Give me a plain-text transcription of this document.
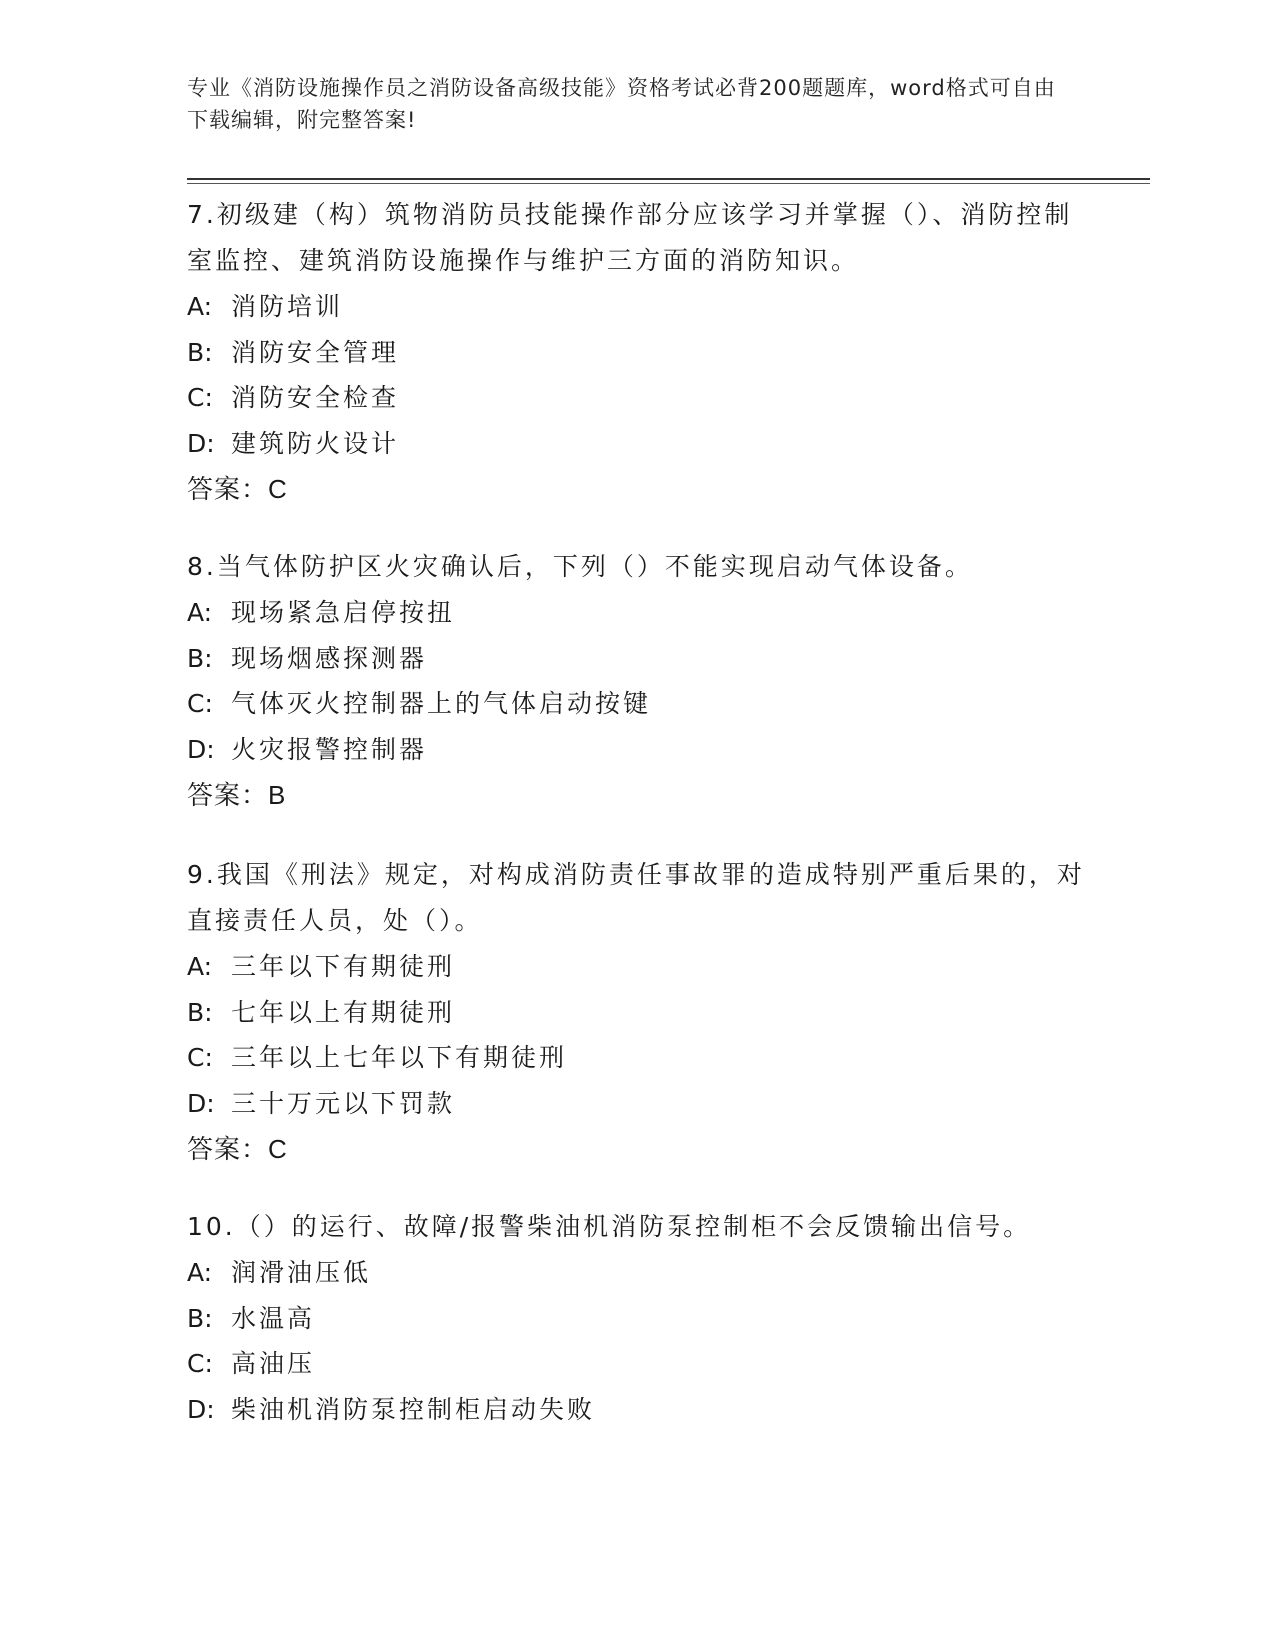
专业《消防设施操作员之消防设备高级技能》资格考试必背200题题库，word格式可自由下载编辑，附完整答案!

7.初级建（构）筑物消防员技能操作部分应该学习并掌握（）、消防控制室监控、建筑消防设施操作与维护三方面的消防知识。

A: 消防培训

B: 消防安全管理

C: 消防安全检查

D: 建筑防火设计

答案：C

8.当气体防护区火灾确认后，下列（）不能实现启动气体设备。

A: 现场紧急启停按扭

B: 现场烟感探测器

C: 气体灭火控制器上的气体启动按键

D: 火灾报警控制器

答案：B

9.我国《刑法》规定，对构成消防责任事故罪的造成特别严重后果的，对直接责任人员，处（）。

A: 三年以下有期徒刑

B: 七年以上有期徒刑

C: 三年以上七年以下有期徒刑

D: 三十万元以下罚款

答案：C

10.（）的运行、故障/报警柴油机消防泵控制柜不会反馈输出信号。

A: 润滑油压低

B: 水温高

C: 高油压

D: 柴油机消防泵控制柜启动失败
